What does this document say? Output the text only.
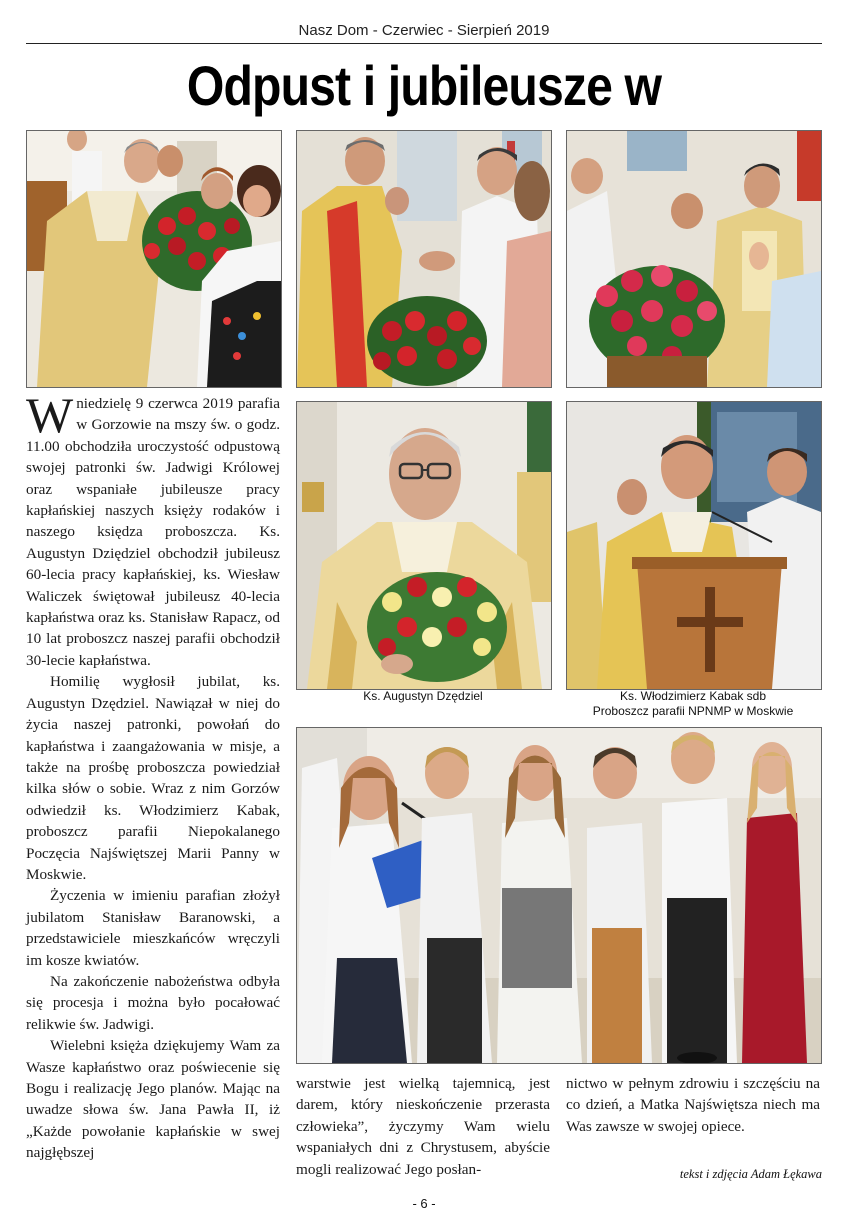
Nasz Dom - Czerwiec - Sierpień 2019
Odpust i jubileusze w
Ks. Augustyn Dzędziel	Ks. Włodzimierz Kabak sdb
Proboszcz parafii NPNMP w Moskwie

Wniedzielę 9 czerwca 2019 parafia w Gorzowie na mszy św. o godz. 11.00 obchodziła uroczystość odpustową swojej patronki św. Jadwigi Królowej oraz wspaniałe jubileusze pracy kapłańskiej naszych księży rodaków i naszego księdza proboszcza. Ks. Augustyn Dziędziel obchodził jubileusz 60-lecia pracy kapłańskiej, ks. Wiesław Waliczek świętował jubileusz 40-lecia kapłaństwa oraz ks. Stanisław Rapacz, od 10 lat proboszcz naszej parafii obchodził 30-lecie kapłaństwa.

Homilię wygłosił jubilat, ks. Augustyn Dzędziel. Nawiązał w niej do życia naszej patronki, powołań do kapłaństwa i zaangażowania w misje, a także na prośbę proboszcza powiedział kilka słów o sobie. Wraz z nim Gorzów odwiedził ks. Włodzimierz Kabak, proboszcz parafii Niepokalanego Poczęcia Najświętszej Marii Panny w Moskwie.

Życzenia w imieniu parafian złożył jubilatom Stanisław Baranowski, a przedstawiciele mieszkańców wręczyli im kosze kwiatów.

Na zakończenie nabożeństwa odbyła się procesja i można było pocałować relikwie św. Jadwigi.

Wielebni księża dziękujemy Wam za Wasze kapłaństwo oraz poświecenie się Bogu i realizację Jego planów. Mając na uwadze słowa św. Jana Pawła II, iż „Każde powołanie kapłańskie w swej najgłębszej

warstwie jest wielką tajemnicą, jest darem, który nieskończenie przerasta człowieka”, życzymy Wam wielu wspaniałych dni z Chrystusem, abyście mogli realizować Jego posłan-

nictwo w pełnym zdrowiu i szczęściu na co dzień, a Matka Najświętsza niech ma Was zawsze w swojej opiece.

tekst i zdjęcia Adam Łękawa
- 6 -
